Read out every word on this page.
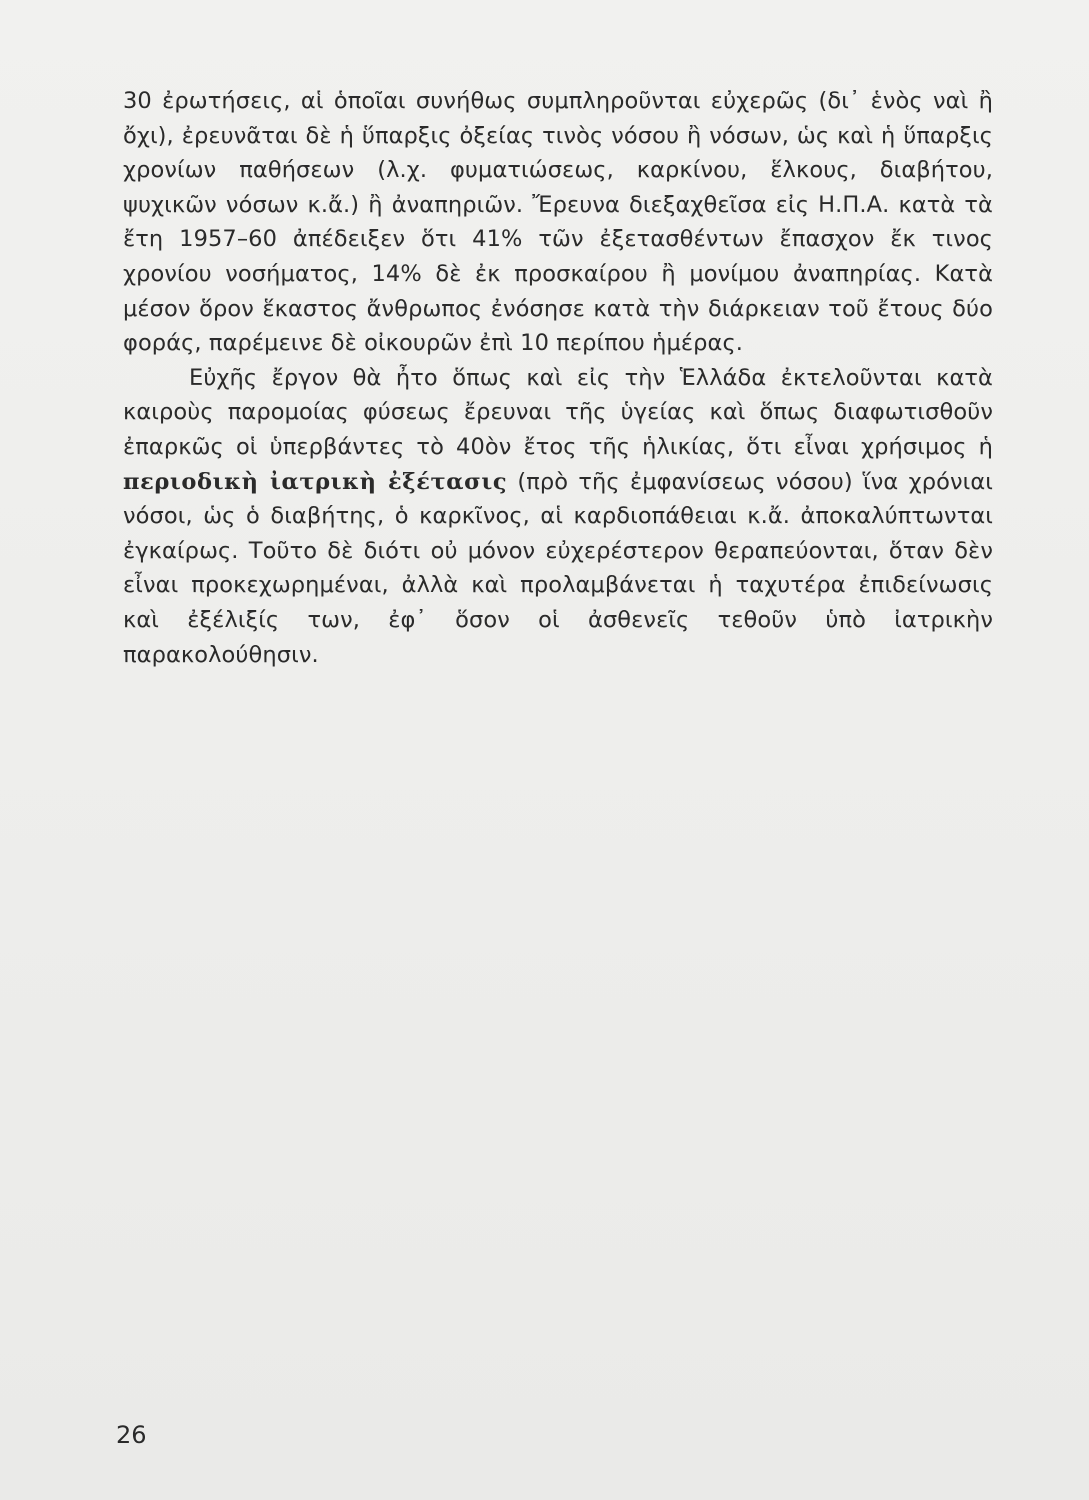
30 ἐρωτήσεις, αἱ ὁποῖαι συνήθως συμπληροῦνται εὐχερῶς (δι᾽ ἑνὸς ναὶ ἢ ὄχι), ἐρευνᾶται δὲ ἡ ὕπαρξις ὀξείας τινὸς νόσου ἢ νόσων, ὡς καὶ ἡ ὕπαρξις χρονίων παθήσεων (λ.χ. φυματιώσεως, καρκίνου, ἕλκους, διαβήτου, ψυχικῶν νόσων κ.ἄ.) ἢ ἀναπηριῶν. Ἔρευνα διεξαχθεῖσα εἰς Η.Π.Α. κατὰ τὰ ἔτη 1957–60 ἀπέδειξεν ὅτι 41% τῶν ἐξετασθέντων ἔπασχον ἔκ τινος χρονίου νοσήματος, 14% δὲ ἐκ προσκαίρου ἢ μονίμου ἀναπηρίας. Κατὰ μέσον ὅρον ἕκαστος ἄνθρωπος ἐνόσησε κατὰ τὴν διάρκειαν τοῦ ἔτους δύο φοράς, παρέμεινε δὲ οἰκουρῶν ἐπὶ 10 περίπου ἡμέρας.

Εὐχῆς ἔργον θὰ ἦτο ὅπως καὶ εἰς τὴν Ἑλλάδα ἐκτελοῦνται κατὰ καιροὺς παρομοίας φύσεως ἔρευναι τῆς ὑγείας καὶ ὅπως διαφωτισθοῦν ἐπαρκῶς οἱ ὑπερβάντες τὸ 40ὸν ἔτος τῆς ἡλικίας, ὅτι εἶναι χρήσιμος ἡ περιοδικὴ ἰατρικὴ ἐξέτασις (πρὸ τῆς ἐμφανίσεως νόσου) ἵνα χρόνιαι νόσοι, ὡς ὁ διαβήτης, ὁ καρκῖνος, αἱ καρδιοπάθειαι κ.ἄ. ἀποκαλύπτωνται ἐγκαίρως. Τοῦτο δὲ διότι οὐ μόνον εὐχερέστερον θεραπεύονται, ὅταν δὲν εἶναι προκεχωρημέναι, ἀλλὰ καὶ προλαμβάνεται ἡ ταχυτέρα ἐπιδείνωσις καὶ ἐξέλιξίς των, ἐφ᾽ ὅσον οἱ ἀσθενεῖς τεθοῦν ὑπὸ ἰατρικὴν παρακολούθησιν.

26
